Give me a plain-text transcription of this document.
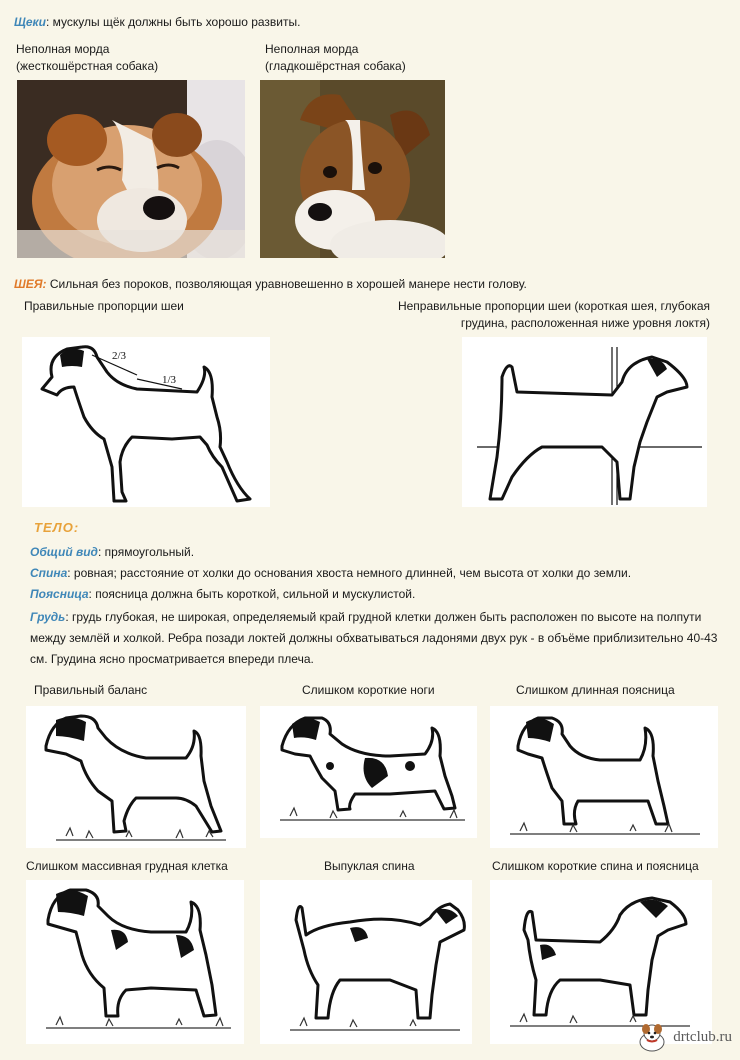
Щеки: мускулы щёк должны быть хорошо развиты.
Неполная морда
(жесткошёрстная собака)
Неполная морда
(гладкошёрстная собака)
ШЕЯ: Сильная без пороков, позволяющая уравновешенно в хорошей манере нести голову.
Правильные пропорции шеи	Неправильные пропорции шеи (короткая шея, глубокая
грудина, расположенная ниже уровня локтя)
2/3
1/3
ТЕЛО:
Общий вид: прямоугольный.
Спина: ровная; расстояние от холки до основания хвоста немного длинней, чем высота от холки до земли.
Поясница: поясница должна быть короткой, сильной и мускулистой.
Грудь: грудь глубокая, не широкая, определяемый край грудной клетки должен быть расположен по высоте на полпути между землёй и холкой. Ребра позади локтей должны обхватываться ладонями двух рук - в объёме приблизительно 40-43 см. Грудина ясно просматривается впереди плеча.
Правильный баланс	Слишком короткие ноги	Слишком длинная поясница
Слишком массивная грудная клетка	Выпуклая спина	Слишком короткие спина и поясница
drtclub.ru
